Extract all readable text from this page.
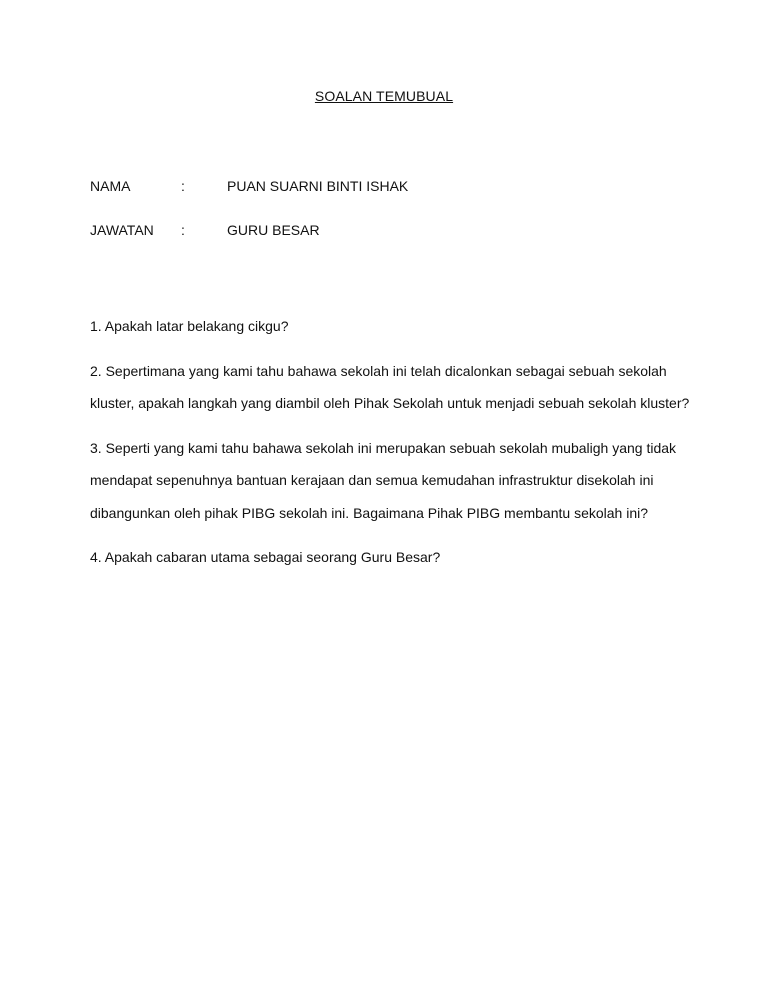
SOALAN TEMUBUAL
NAMA	:	PUAN SUARNI BINTI ISHAK
JAWATAN :	GURU BESAR

1. Apakah latar belakang cikgu?

2. Sepertimana yang kami tahu bahawa sekolah ini telah dicalonkan sebagai sebuah sekolah kluster, apakah langkah yang diambil oleh Pihak Sekolah untuk menjadi sebuah sekolah kluster?

3. Seperti yang kami tahu bahawa sekolah ini merupakan sebuah sekolah mubaligh yang tidak mendapat sepenuhnya bantuan kerajaan dan semua kemudahan infrastruktur disekolah ini dibangunkan oleh pihak PIBG sekolah ini. Bagaimana Pihak PIBG membantu sekolah ini?

4. Apakah cabaran utama sebagai seorang Guru Besar?
